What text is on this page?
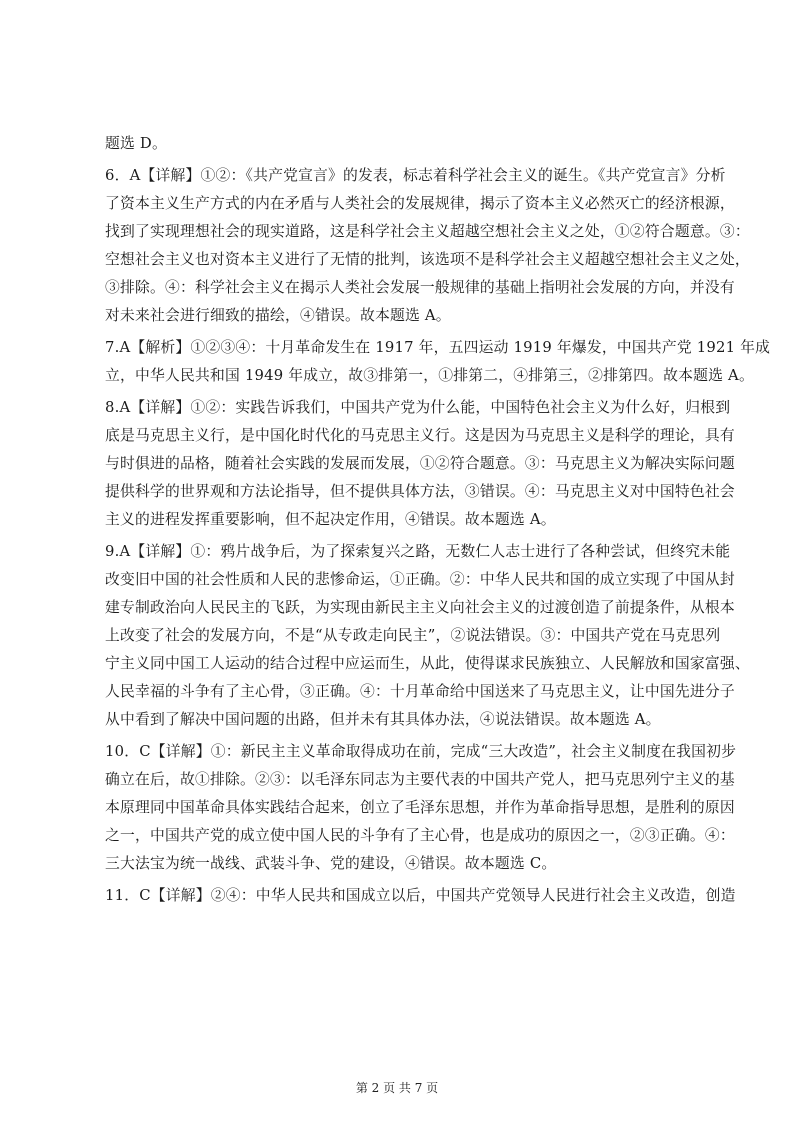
题选 D。
6．A【详解】①②：《共产党宣言》的发表，标志着科学社会主义的诞生。《共产党宣言》分析
了资本主义生产方式的内在矛盾与人类社会的发展规律，揭示了资本主义必然灭亡的经济根源，
找到了实现理想社会的现实道路，这是科学社会主义超越空想社会主义之处，①②符合题意。③：
空想社会主义也对资本主义进行了无情的批判，该选项不是科学社会主义超越空想社会主义之处，
③排除。④：科学社会主义在揭示人类社会发展一般规律的基础上指明社会发展的方向，并没有
对未来社会进行细致的描绘，④错误。故本题选 A。
7.A【解析】①②③④：十月革命发生在 1917 年，五四运动 1919 年爆发，中国共产党 1921 年成
立，中华人民共和国 1949 年成立，故③排第一，①排第二，④排第三，②排第四。故本题选 A。
8.A【详解】①②：实践告诉我们，中国共产党为什么能，中国特色社会主义为什么好，归根到
底是马克思主义行，是中国化时代化的马克思主义行。这是因为马克思主义是科学的理论，具有
与时俱进的品格，随着社会实践的发展而发展，①②符合题意。③：马克思主义为解决实际问题
提供科学的世界观和方法论指导，但不提供具体方法，③错误。④：马克思主义对中国特色社会
主义的进程发挥重要影响，但不起决定作用，④错误。故本题选 A。
9.A【详解】①：鸦片战争后，为了探索复兴之路，无数仁人志士进行了各种尝试，但终究未能
改变旧中国的社会性质和人民的悲惨命运，①正确。②：中华人民共和国的成立实现了中国从封
建专制政治向人民民主的飞跃，为实现由新民主主义向社会主义的过渡创造了前提条件，从根本
上改变了社会的发展方向，不是“从专政走向民主”，②说法错误。③：中国共产党在马克思列
宁主义同中国工人运动的结合过程中应运而生，从此，使得谋求民族独立、人民解放和国家富强、
人民幸福的斗争有了主心骨，③正确。④：十月革命给中国送来了马克思主义，让中国先进分子
从中看到了解决中国问题的出路，但并未有其具体办法，④说法错误。故本题选 A。
10．C【详解】①：新民主主义革命取得成功在前，完成“三大改造”，社会主义制度在我国初步
确立在后，故①排除。②③：以毛泽东同志为主要代表的中国共产党人，把马克思列宁主义的基
本原理同中国革命具体实践结合起来，创立了毛泽东思想，并作为革命指导思想，是胜利的原因
之一，中国共产党的成立使中国人民的斗争有了主心骨，也是成功的原因之一，②③正确。④：
三大法宝为统一战线、武装斗争、党的建设，④错误。故本题选 C。
11．C【详解】②④：中华人民共和国成立以后，中国共产党领导人民进行社会主义改造，创造
第 2 页 共 7 页
